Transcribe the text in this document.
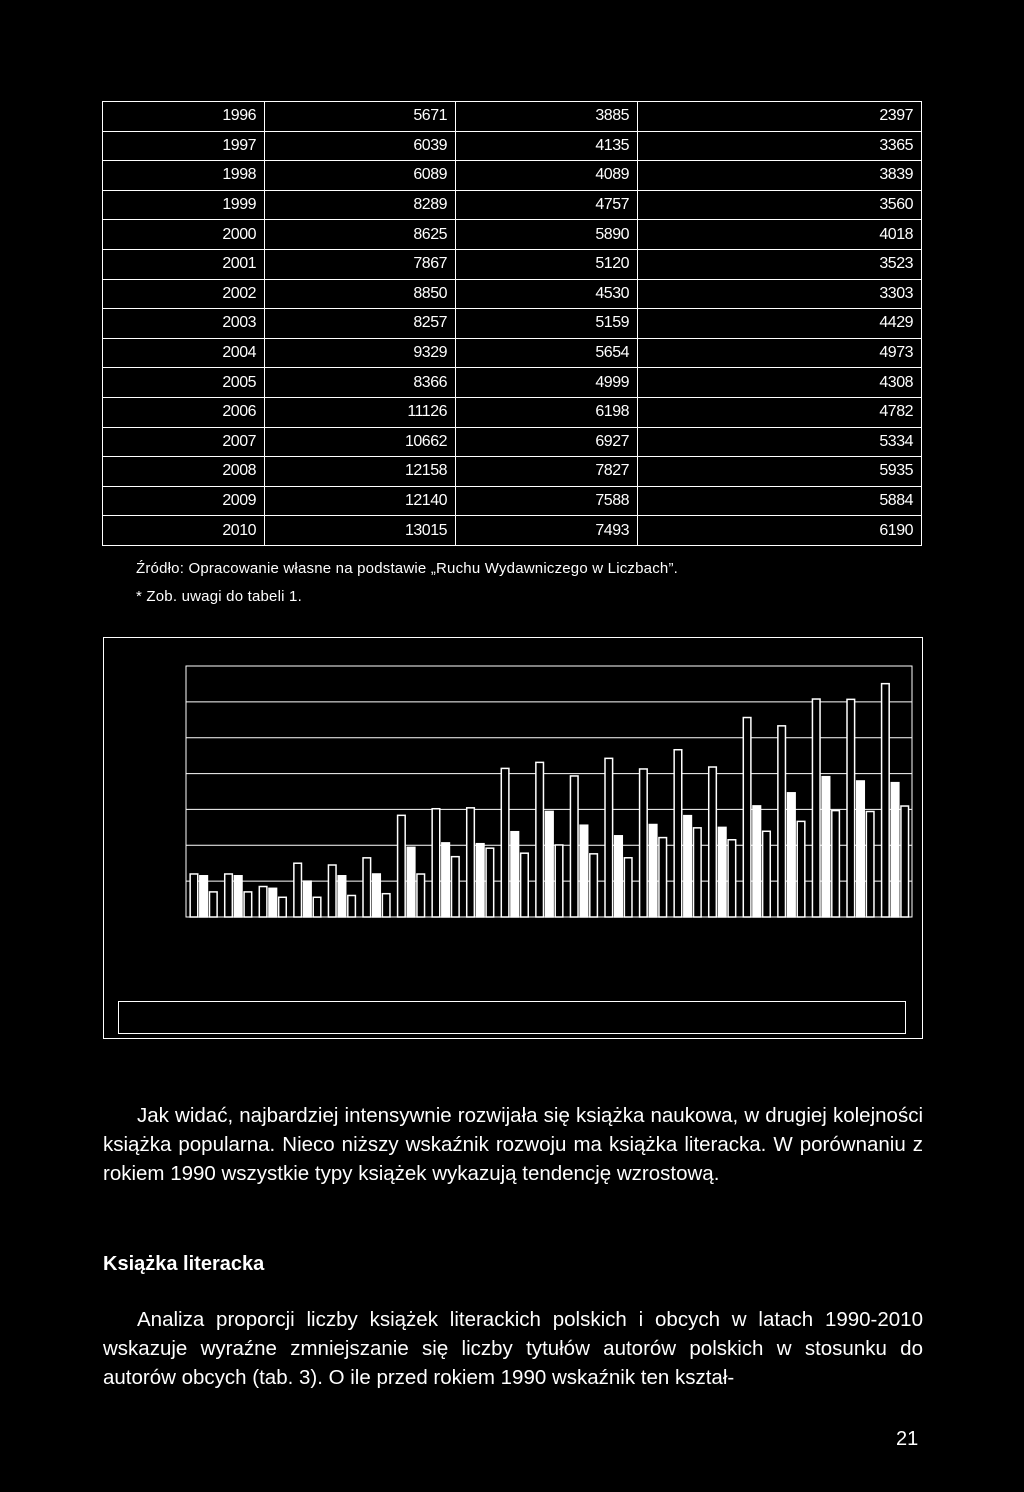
1996	5671	3885	2397
1997	6039	4135	3365
1998	6089	4089	3839
1999	8289	4757	3560
2000	8625	5890	4018
2001	7867	5120	3523
2002	8850	4530	3303
2003	8257	5159	4429
2004	9329	5654	4973
2005	8366	4999	4308
2006	11126	6198	4782
2007	10662	6927	5334
2008	12158	7827	5935
2009	12140	7588	5884
2010	13015	7493	6190
Źródło: Opracowanie własne na podstawie „Ruchu Wydawniczego w Liczbach”.
* Zob. uwagi do tabeli 1.

Jak widać, najbardziej intensywnie rozwijała się książka naukowa, w drugiej kolejności książka popularna. Nieco niższy wskaźnik rozwoju ma książka literacka. W porównaniu z rokiem 1990 wszystkie typy książek wykazują tendencję wzrostową.

Książka literacka

Analiza proporcji liczby książek literackich polskich i obcych w latach 1990-2010 wskazuje wyraźne zmniejszanie się liczby tytułów autorów polskich w stosunku do autorów obcych (tab. 3). O ile przed rokiem 1990 wskaźnik ten kształ-

21
